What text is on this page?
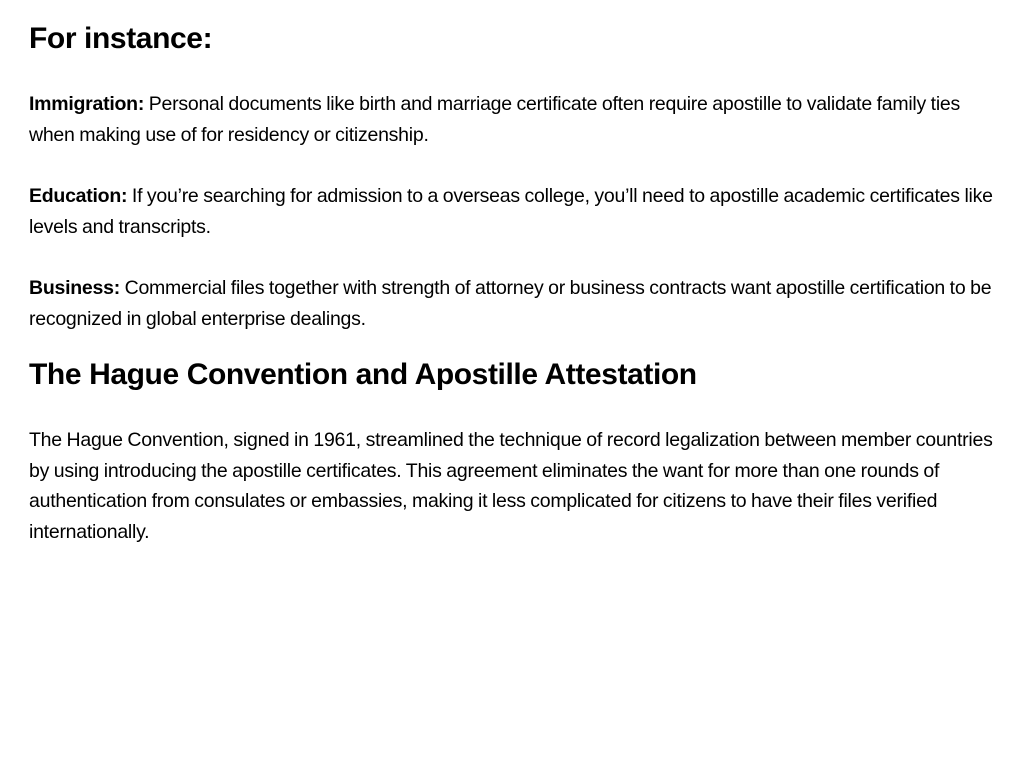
For instance:

Immigration: Personal documents like birth and marriage certificate often require apostille to validate family ties when making use of for residency or citizenship.

Education: If you’re searching for admission to a overseas college, you’ll need to apostille academic certificates like levels and transcripts.

Business: Commercial files together with strength of attorney or business contracts want apostille certification to be recognized in global enterprise dealings.

The Hague Convention and Apostille Attestation

The Hague Convention, signed in 1961, streamlined the technique of record legalization between member countries by using introducing the apostille certificates. This agreement eliminates the want for more than one rounds of authentication from consulates or embassies, making it less complicated for citizens to have their files verified internationally.
